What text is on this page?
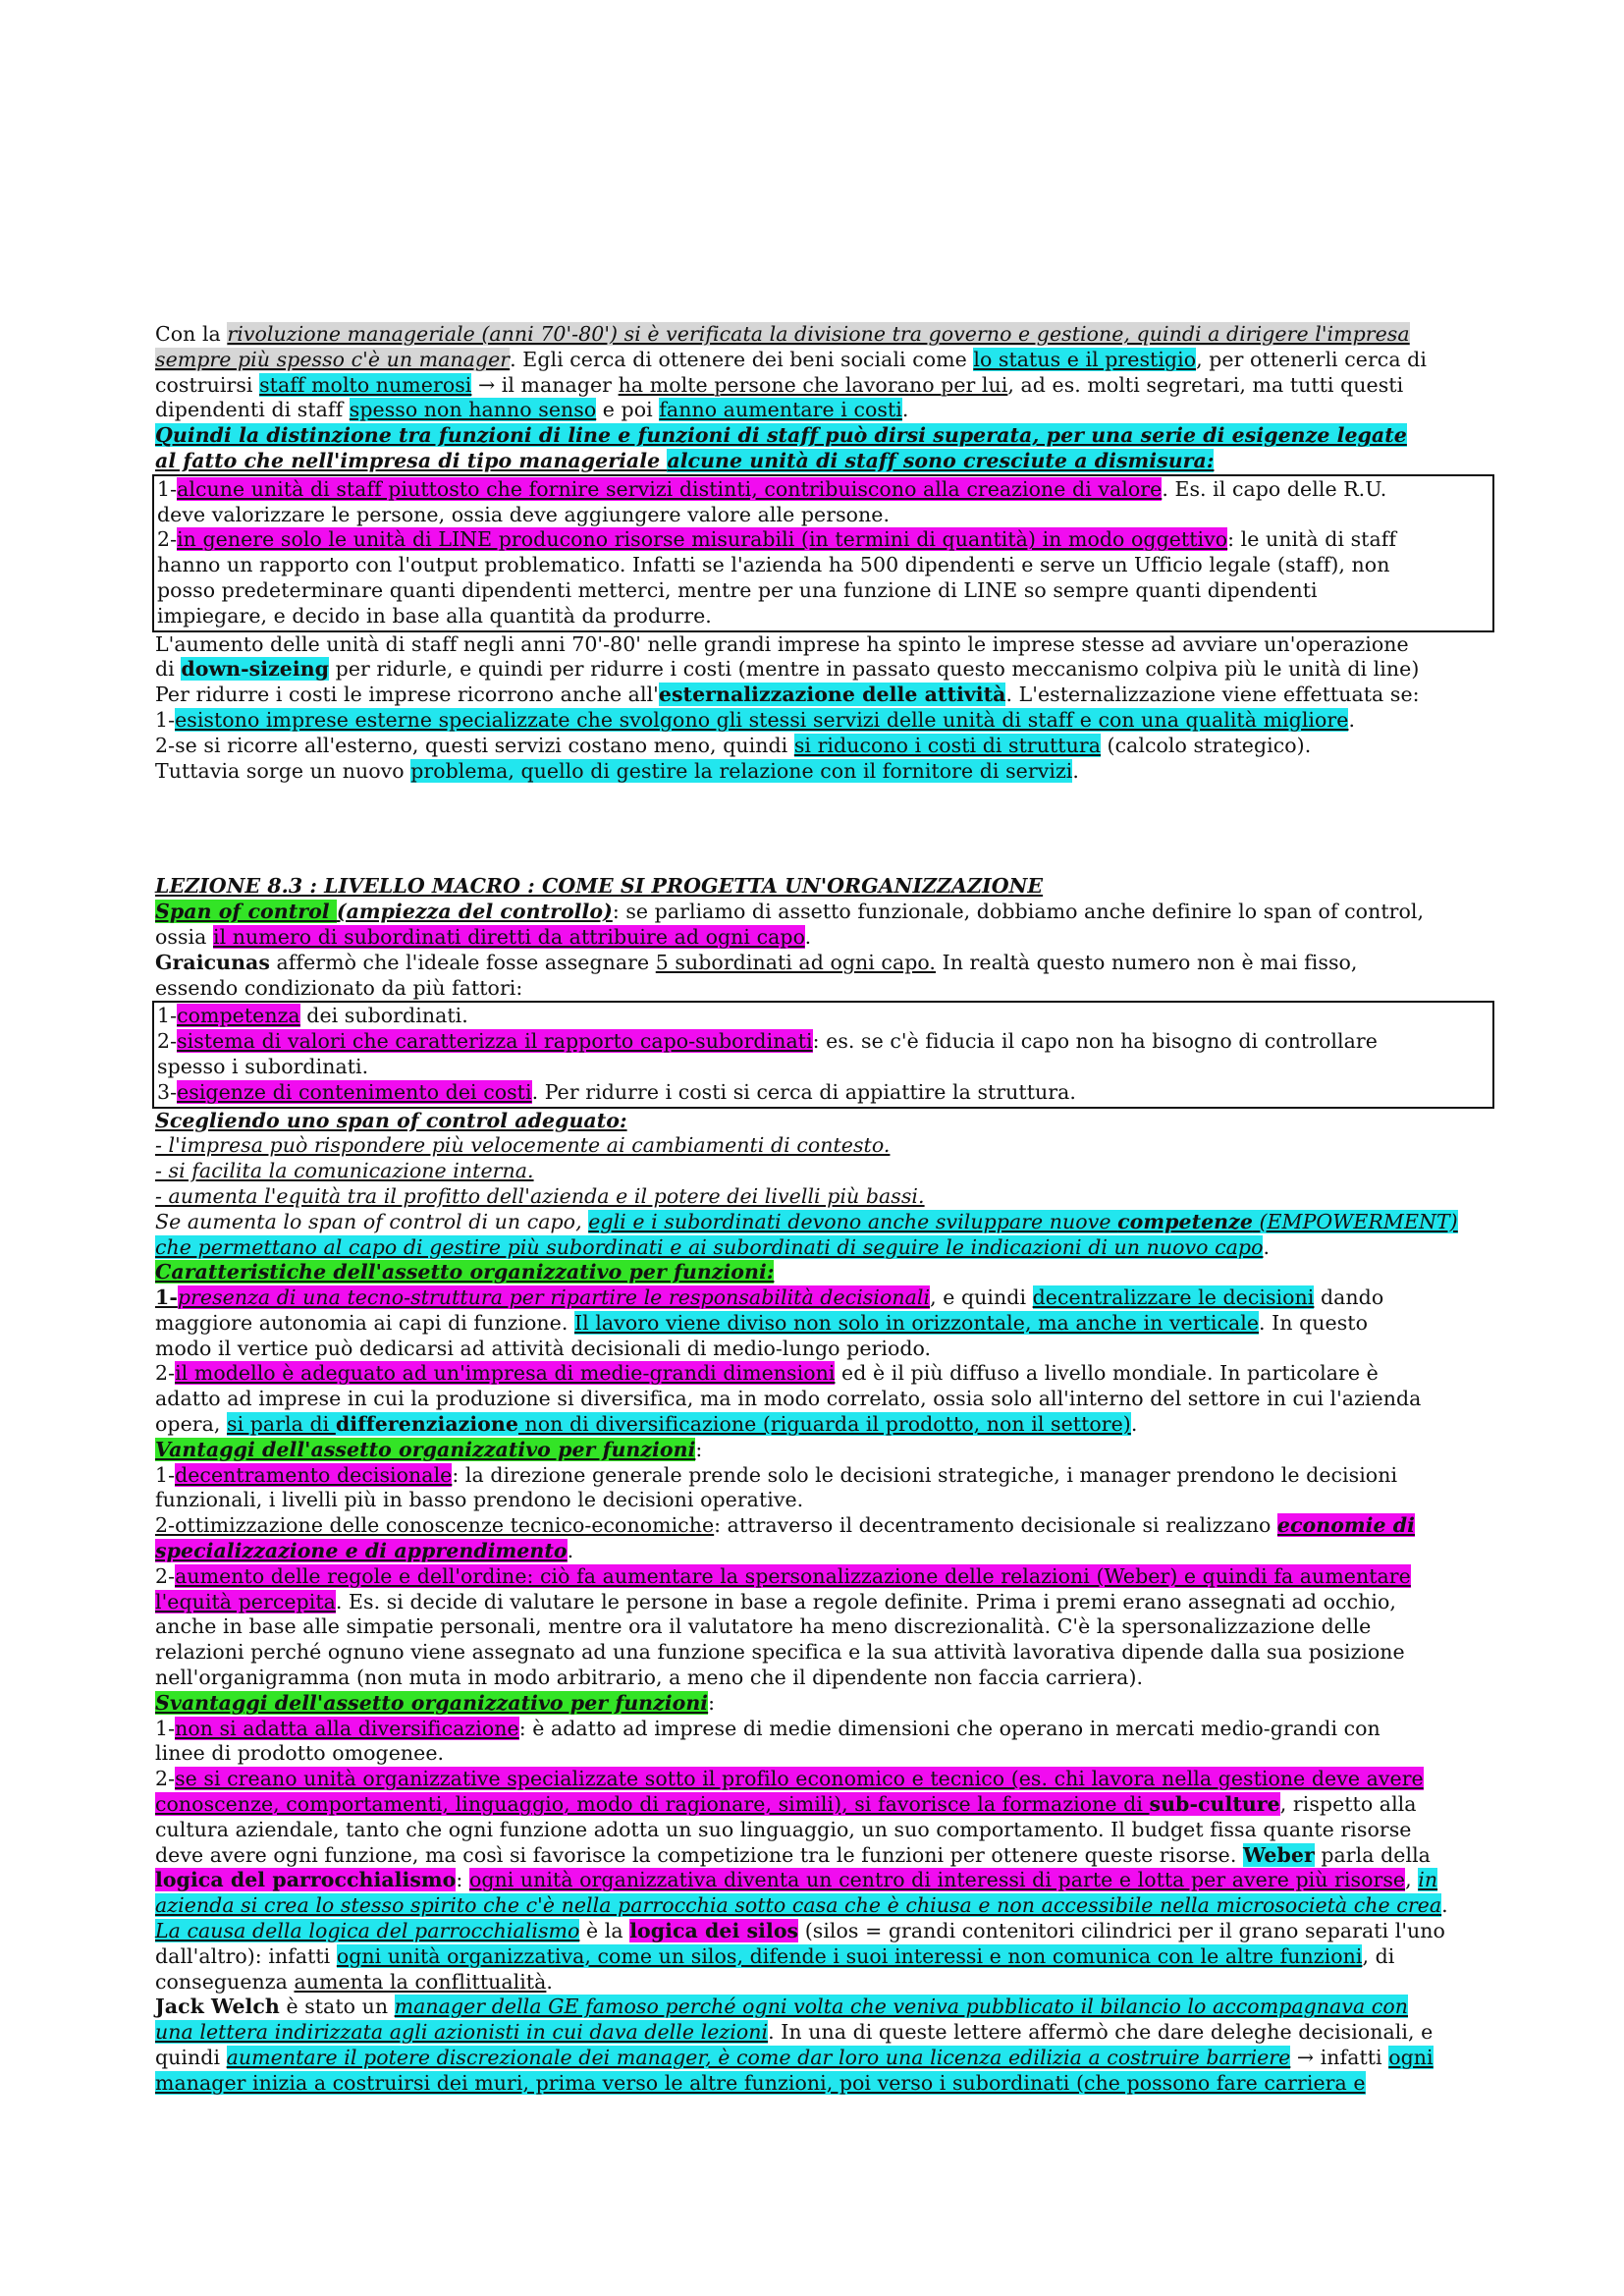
Con la rivoluzione manageriale (anni 70'-80') si è verificata la divisione tra governo e gestione, quindi a dirigere l'impresa
sempre più spesso c'è un manager. Egli cerca di ottenere dei beni sociali come lo status e il prestigio, per ottenerli cerca di
costruirsi staff molto numerosi → il manager ha molte persone che lavorano per lui, ad es. molti segretari, ma tutti questi
dipendenti di staff spesso non hanno senso e poi fanno aumentare i costi.
Quindi la distinzione tra funzioni di line e funzioni di staff può dirsi superata, per una serie di esigenze legate
al fatto che nell'impresa di tipo manageriale alcune unità di staff sono cresciute a dismisura:
1-alcune unità di staff piuttosto che fornire servizi distinti, contribuiscono alla creazione di valore. Es. il capo delle R.U.
deve valorizzare le persone, ossia deve aggiungere valore alle persone.
2-in genere solo le unità di LINE producono risorse misurabili (in termini di quantità) in modo oggettivo: le unità di staff
hanno un rapporto con l'output problematico. Infatti se l'azienda ha 500 dipendenti e serve un Ufficio legale (staff), non
posso predeterminare quanti dipendenti metterci, mentre per una funzione di LINE so sempre quanti dipendenti
impiegare, e decido in base alla quantità da produrre.
L'aumento delle unità di staff negli anni 70'-80' nelle grandi imprese ha spinto le imprese stesse ad avviare un'operazione
di down-sizeing per ridurle, e quindi per ridurre i costi (mentre in passato questo meccanismo colpiva più le unità di line)
Per ridurre i costi le imprese ricorrono anche all'esternalizzazione delle attività. L'esternalizzazione viene effettuata se:
1-esistono imprese esterne specializzate che svolgono gli stessi servizi delle unità di staff e con una qualità migliore.
2-se si ricorre all'esterno, questi servizi costano meno, quindi si riducono i costi di struttura (calcolo strategico).
Tuttavia sorge un nuovo problema, quello di gestire la relazione con il fornitore di servizi.
LEZIONE 8.3 : LIVELLO MACRO : COME SI PROGETTA UN'ORGANIZZAZIONE
Span of control (ampiezza del controllo): se parliamo di assetto funzionale, dobbiamo anche definire lo span of control,
ossia il numero di subordinati diretti da attribuire ad ogni capo.
Graicunas affermò che l'ideale fosse assegnare 5 subordinati ad ogni capo. In realtà questo numero non è mai fisso,
essendo condizionato da più fattori:
1-competenza dei subordinati.
2-sistema di valori che caratterizza il rapporto capo-subordinati: es. se c'è fiducia il capo non ha bisogno di controllare
spesso i subordinati.
3-esigenze di contenimento dei costi. Per ridurre i costi si cerca di appiattire la struttura.
Scegliendo uno span of control adeguato:
- l'impresa può rispondere più velocemente ai cambiamenti di contesto.
- si facilita la comunicazione interna.
- aumenta l'equità tra il profitto dell'azienda e il potere dei livelli più bassi.
Se aumenta lo span of control di un capo, egli e i subordinati devono anche sviluppare nuove competenze (EMPOWERMENT)
che permettano al capo di gestire più subordinati e ai subordinati di seguire le indicazioni di un nuovo capo.
Caratteristiche dell'assetto organizzativo per funzioni:
1-presenza di una tecno-struttura per ripartire le responsabilità decisionali, e quindi decentralizzare le decisioni dando
maggiore autonomia ai capi di funzione. Il lavoro viene diviso non solo in orizzontale, ma anche in verticale. In questo
modo il vertice può dedicarsi ad attività decisionali di medio-lungo periodo.
2-il modello è adeguato ad un'impresa di medie-grandi dimensioni ed è il più diffuso a livello mondiale. In particolare è
adatto ad imprese in cui la produzione si diversifica, ma in modo correlato, ossia solo all'interno del settore in cui l'azienda
opera, si parla di differenziazione non di diversificazione (riguarda il prodotto, non il settore).
Vantaggi dell'assetto organizzativo per funzioni:
1-decentramento decisionale: la direzione generale prende solo le decisioni strategiche, i manager prendono le decisioni
funzionali, i livelli più in basso prendono le decisioni operative.
2-ottimizzazione delle conoscenze tecnico-economiche: attraverso il decentramento decisionale si realizzano economie di
specializzazione e di apprendimento.
2-aumento delle regole e dell'ordine: ciò fa aumentare la spersonalizzazione delle relazioni (Weber) e quindi fa aumentare
l'equità percepita. Es. si decide di valutare le persone in base a regole definite. Prima i premi erano assegnati ad occhio,
anche in base alle simpatie personali, mentre ora il valutatore ha meno discrezionalità. C'è la spersonalizzazione delle
relazioni perché ognuno viene assegnato ad una funzione specifica e la sua attività lavorativa dipende dalla sua posizione
nell'organigramma (non muta in modo arbitrario, a meno che il dipendente non faccia carriera).
Svantaggi dell'assetto organizzativo per funzioni:
1-non si adatta alla diversificazione: è adatto ad imprese di medie dimensioni che operano in mercati medio-grandi con
linee di prodotto omogenee.
2-se si creano unità organizzative specializzate sotto il profilo economico e tecnico (es. chi lavora nella gestione deve avere
conoscenze, comportamenti, linguaggio, modo di ragionare, simili), si favorisce la formazione di sub-culture, rispetto alla
cultura aziendale, tanto che ogni funzione adotta un suo linguaggio, un suo comportamento. Il budget fissa quante risorse
deve avere ogni funzione, ma così si favorisce la competizione tra le funzioni per ottenere queste risorse. Weber parla della
logica del parrocchialismo: ogni unità organizzativa diventa un centro di interessi di parte e lotta per avere più risorse, in
azienda si crea lo stesso spirito che c'è nella parrocchia sotto casa che è chiusa e non accessibile nella microsocietà che crea.
La causa della logica del parrocchialismo è la logica dei silos (silos = grandi contenitori cilindrici per il grano separati l'uno
dall'altro): infatti ogni unità organizzativa, come un silos, difende i suoi interessi e non comunica con le altre funzioni, di
conseguenza aumenta la conflittualità.
Jack Welch è stato un manager della GE famoso perché ogni volta che veniva pubblicato il bilancio lo accompagnava con
una lettera indirizzata agli azionisti in cui dava delle lezioni. In una di queste lettere affermò che dare deleghe decisionali, e
quindi aumentare il potere discrezionale dei manager, è come dar loro una licenza edilizia a costruire barriere → infatti ogni
manager inizia a costruirsi dei muri, prima verso le altre funzioni, poi verso i subordinati (che possono fare carriera e
